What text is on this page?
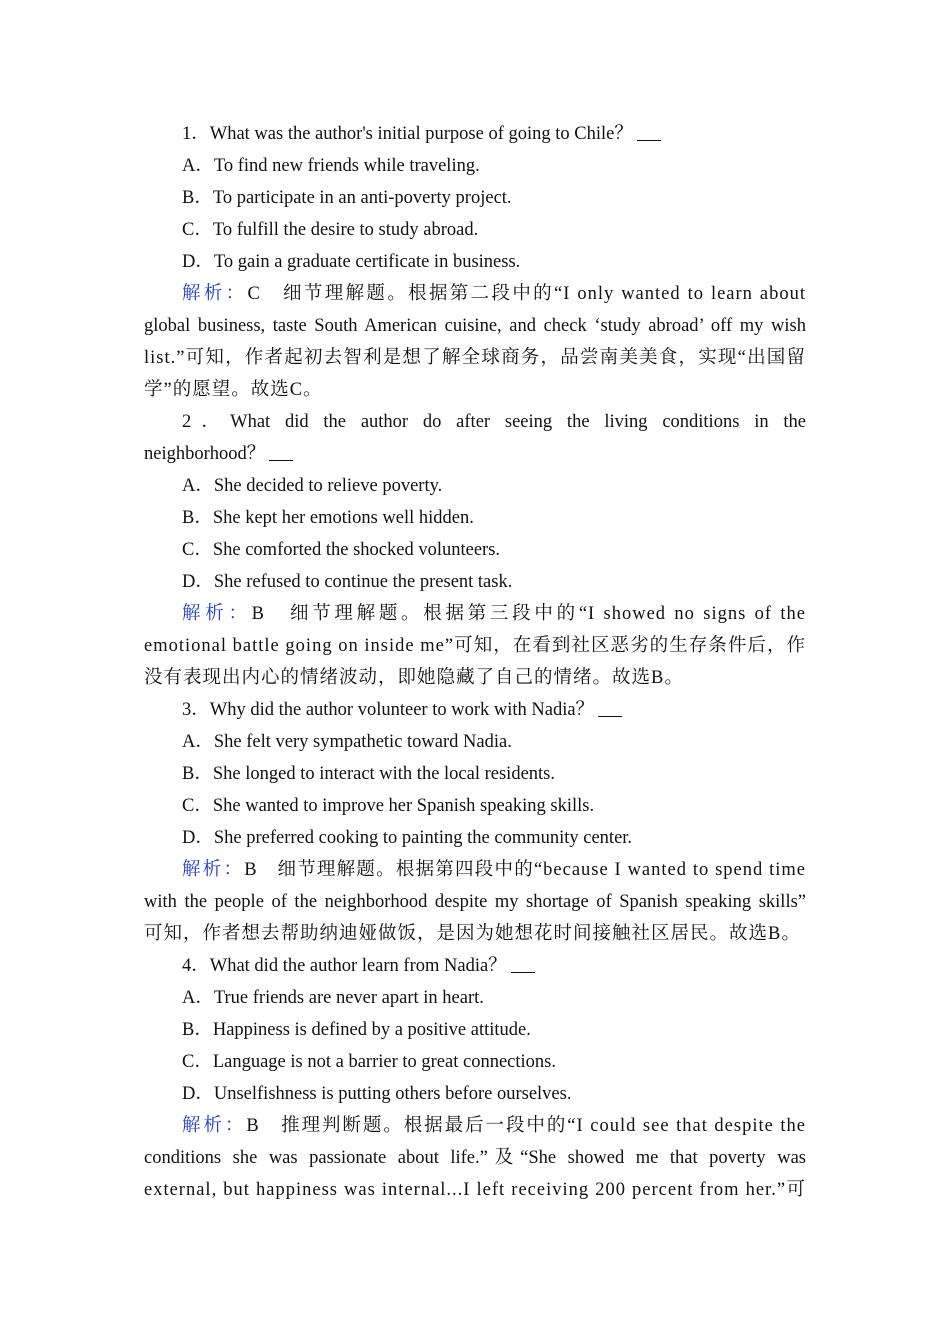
1．What was the author's initial purpose of going to Chile？
A．To find new friends while traveling.
B．To participate in an anti-poverty project.
C．To fulfill the desire to study abroad.
D．To gain a graduate certificate in business.
解析：C　细节理解题。根据第二段中的“I only wanted to learn about
global business, taste South American cuisine, and check ‘study abroad’ off my wish
list.”可知，作者起初去智利是想了解全球商务，品尝南美美食，实现“出国留
学”的愿望。故选C。
2．What did the author do after seeing the living conditions in the
neighborhood？
A．She decided to relieve poverty.
B．She kept her emotions well hidden.
C．She comforted the shocked volunteers.
D．She refused to continue the present task.
解析：B　细节理解题。根据第三段中的“I showed no signs of the
emotional battle going on inside me”可知，在看到社区恶劣的生存条件后，作
没有表现出内心的情绪波动，即她隐藏了自己的情绪。故选B。
3．Why did the author volunteer to work with Nadia？
A．She felt very sympathetic toward Nadia.
B．She longed to interact with the local residents.
C．She wanted to improve her Spanish speaking skills.
D．She preferred cooking to painting the community center.
解析：B　细节理解题。根据第四段中的“because I wanted to spend time
with the people of the neighborhood despite my shortage of Spanish speaking skills”
可知，作者想去帮助纳迪娅做饭，是因为她想花时间接触社区居民。故选B。
4．What did the author learn from Nadia？
A．True friends are never apart in heart.
B．Happiness is defined by a positive attitude.
C．Language is not a barrier to great connections.
D．Unselfishness is putting others before ourselves.
解析：B　推理判断题。根据最后一段中的“I could see that despite the
conditions she was passionate about life.”及“She showed me that poverty was
external, but happiness was internal...I left receiving 200 percent from her.”可
